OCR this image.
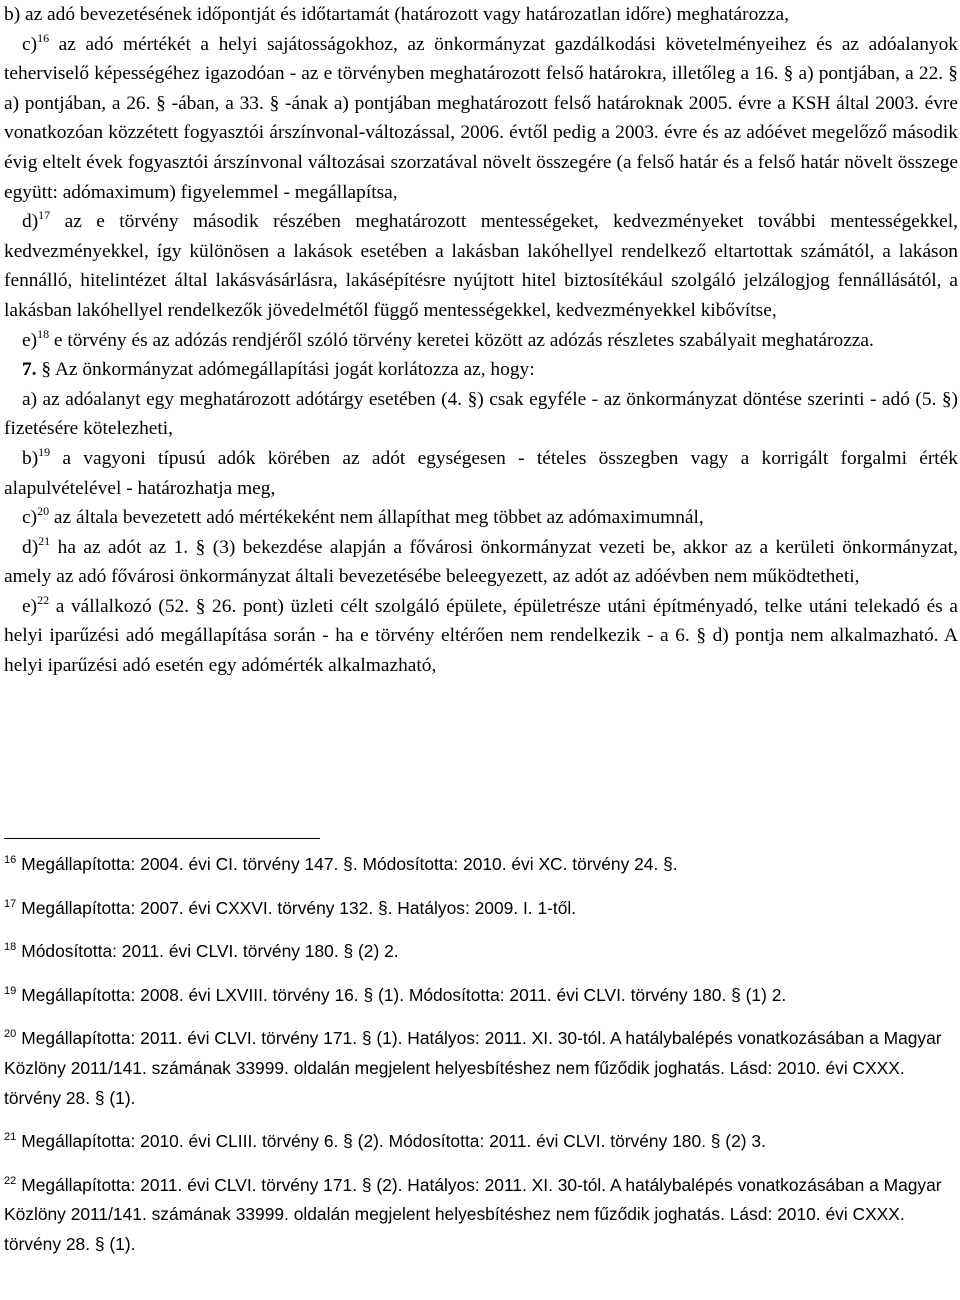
b) az adó bevezetésének időpontját és időtartamát (határozott vagy határozatlan időre) meghatározza,

c)$^{16}$ az adó mértékét a helyi sajátosságokhoz, az önkormányzat gazdálkodási követelményeihez és az adóalanyok teherviselő képességéhez igazodóan - az e törvényben meghatározott felső határokra, illetőleg a 16. § a) pontjában, a 22. § a) pontjában, a 26. § -ában, a 33. § -ának a) pontjában meghatározott felső határoknak 2005. évre a KSH által 2003. évre vonatkozóan közzétett fogyasztói árszínvonal-változással, 2006. évtől pedig a 2003. évre és az adóévet megelőző második évig eltelt évek fogyasztói árszínvonal változásai szorzatával növelt összegére (a felső határ és a felső határ növelt összege együtt: adómaximum) figyelemmel - megállapítsa,

d)$^{17}$ az e törvény második részében meghatározott mentességeket, kedvezményeket további mentességekkel, kedvezményekkel, így különösen a lakások esetében a lakásban lakóhellyel rendelkező eltartottak számától, a lakáson fennálló, hitelintézet által lakásvásárlásra, lakásépítésre nyújtott hitel biztosítékául szolgáló jelzálogjog fennállásától, a lakásban lakóhellyel rendelkezők jövedelmétől függő mentességekkel, kedvezményekkel kibővítse,

e)$^{18}$ e törvény és az adózás rendjéről szóló törvény keretei között az adózás részletes szabályait meghatározza.

7. § Az önkormányzat adómegállapítási jogát korlátozza az, hogy:

a) az adóalanyt egy meghatározott adótárgy esetében (4. §) csak egyféle - az önkormányzat döntése szerinti - adó (5. §) fizetésére kötelezheti,

b)$^{19}$ a vagyoni típusú adók körében az adót egységesen - tételes összegben vagy a korrigált forgalmi érték alapulvételével - határozhatja meg,

c)$^{20}$ az általa bevezetett adó mértékeként nem állapíthat meg többet az adómaximumnál,

d)$^{21}$ ha az adót az 1. § (3) bekezdése alapján a fővárosi önkormányzat vezeti be, akkor az a kerületi önkormányzat, amely az adó fővárosi önkormányzat általi bevezetésébe beleegyezett, az adót az adóévben nem működtetheti,

e)$^{22}$ a vállalkozó (52. § 26. pont) üzleti célt szolgáló épülete, épületrésze utáni építményadó, telke utáni telekadó és a helyi iparűzési adó megállapítása során - ha e törvény eltérően nem rendelkezik - a 6. § d) pontja nem alkalmazható. A helyi iparűzési adó esetén egy adómérték alkalmazható,

$^{16}$ Megállapította: 2004. évi CI. törvény 147. §. Módosította: 2010. évi XC. törvény 24. §.

$^{17}$ Megállapította: 2007. évi CXXVI. törvény 132. §. Hatályos: 2009. I. 1-től.

$^{18}$ Módosította: 2011. évi CLVI. törvény 180. § (2) 2.

$^{19}$ Megállapította: 2008. évi LXVIII. törvény 16. § (1). Módosította: 2011. évi CLVI. törvény 180. § (1) 2.

$^{20}$ Megállapította: 2011. évi CLVI. törvény 171. § (1). Hatályos: 2011. XI. 30-tól. A hatálybalépés vonatkozásában a Magyar Közlöny 2011/141. számának 33999. oldalán megjelent helyesbítéshez nem fűződik joghatás. Lásd: 2010. évi CXXX. törvény 28. § (1).

$^{21}$ Megállapította: 2010. évi CLIII. törvény 6. § (2). Módosította: 2011. évi CLVI. törvény 180. § (2) 3.

$^{22}$ Megállapította: 2011. évi CLVI. törvény 171. § (2). Hatályos: 2011. XI. 30-tól. A hatálybalépés vonatkozásában a Magyar Közlöny 2011/141. számának 33999. oldalán megjelent helyesbítéshez nem fűződik joghatás. Lásd: 2010. évi CXXX. törvény 28. § (1).
